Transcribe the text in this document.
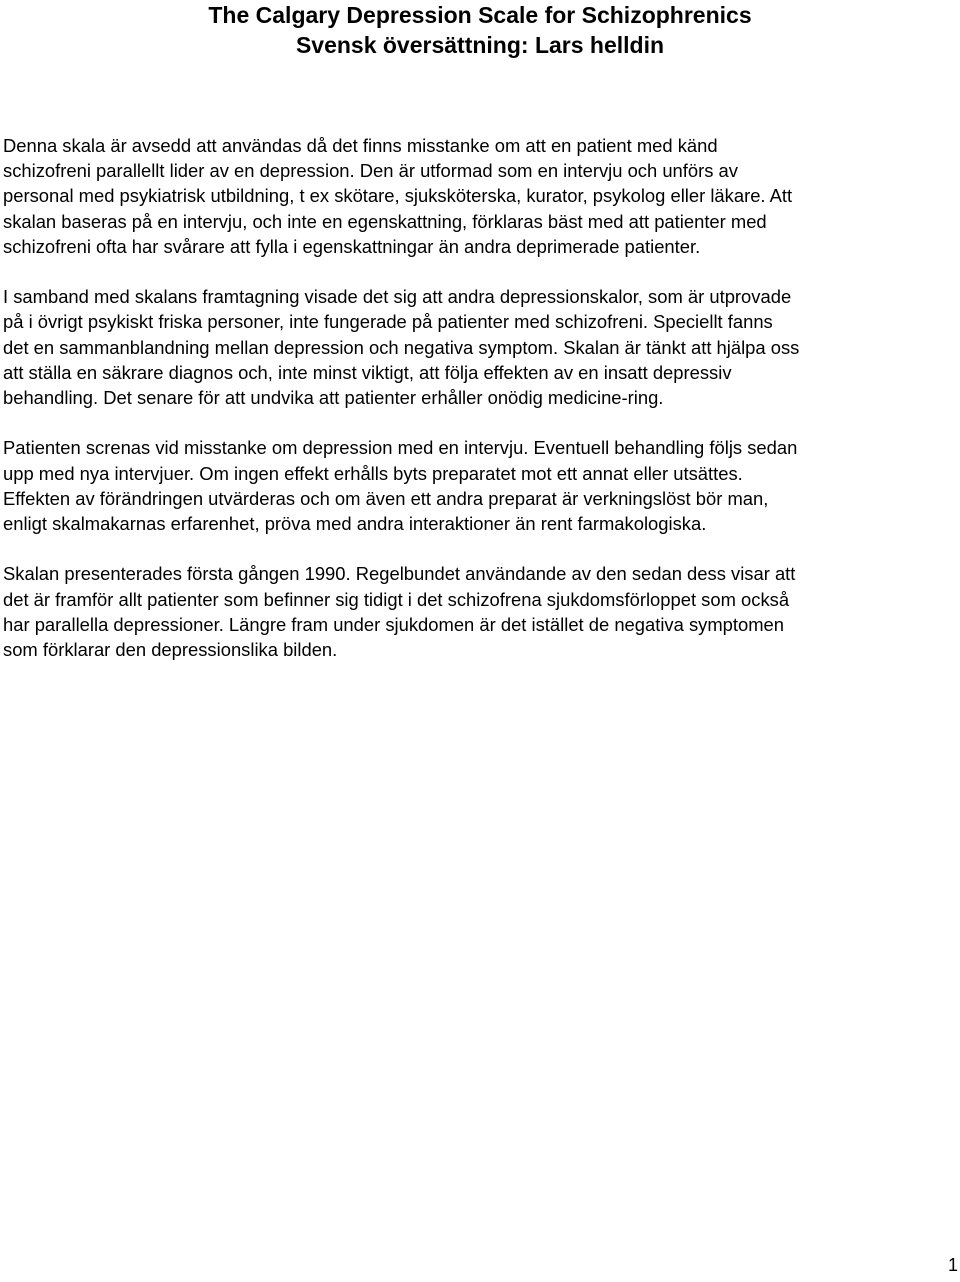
The Calgary Depression Scale for Schizophrenics

Svensk översättning: Lars helldin

Denna skala är avsedd att användas då det finns misstanke om att en patient med känd
schizofreni parallellt lider av en depression. Den är utformad som en intervju och unförs av
personal med psykiatrisk utbildning, t ex skötare, sjuksköterska, kurator, psykolog eller läkare. Att
skalan baseras på en intervju, och inte en egenskattning, förklaras bäst med att patienter med
schizofreni ofta har svårare att fylla i egenskattningar än andra deprimerade patienter.

I samband med skalans framtagning visade det sig att andra depressionskalor, som är utprovade
på i övrigt psykiskt friska personer, inte fungerade på patienter med schizofreni. Speciellt fanns
det en sammanblandning mellan depression och negativa symptom. Skalan är tänkt att hjälpa oss
att ställa en säkrare diagnos och, inte minst viktigt, att följa effekten av en insatt depressiv
behandling. Det senare för att undvika att patienter erhåller onödig medicine-ring.

Patienten screnas vid misstanke om depression med en intervju. Eventuell behandling följs sedan
upp med nya intervjuer. Om ingen effekt erhålls byts preparatet mot ett annat eller utsättes.
Effekten av förändringen utvärderas och om även ett andra preparat är verkningslöst bör man,
enligt skalmakarnas erfarenhet, pröva med andra interaktioner än rent farmakologiska.

Skalan presenterades första gången 1990. Regelbundet användande av den sedan dess visar att
det är framför allt patienter som befinner sig tidigt i det schizofrena sjukdomsförloppet som också
har parallella depressioner. Längre fram under sjukdomen är det istället de negativa symptomen
som förklarar den depressionslika bilden.

1
